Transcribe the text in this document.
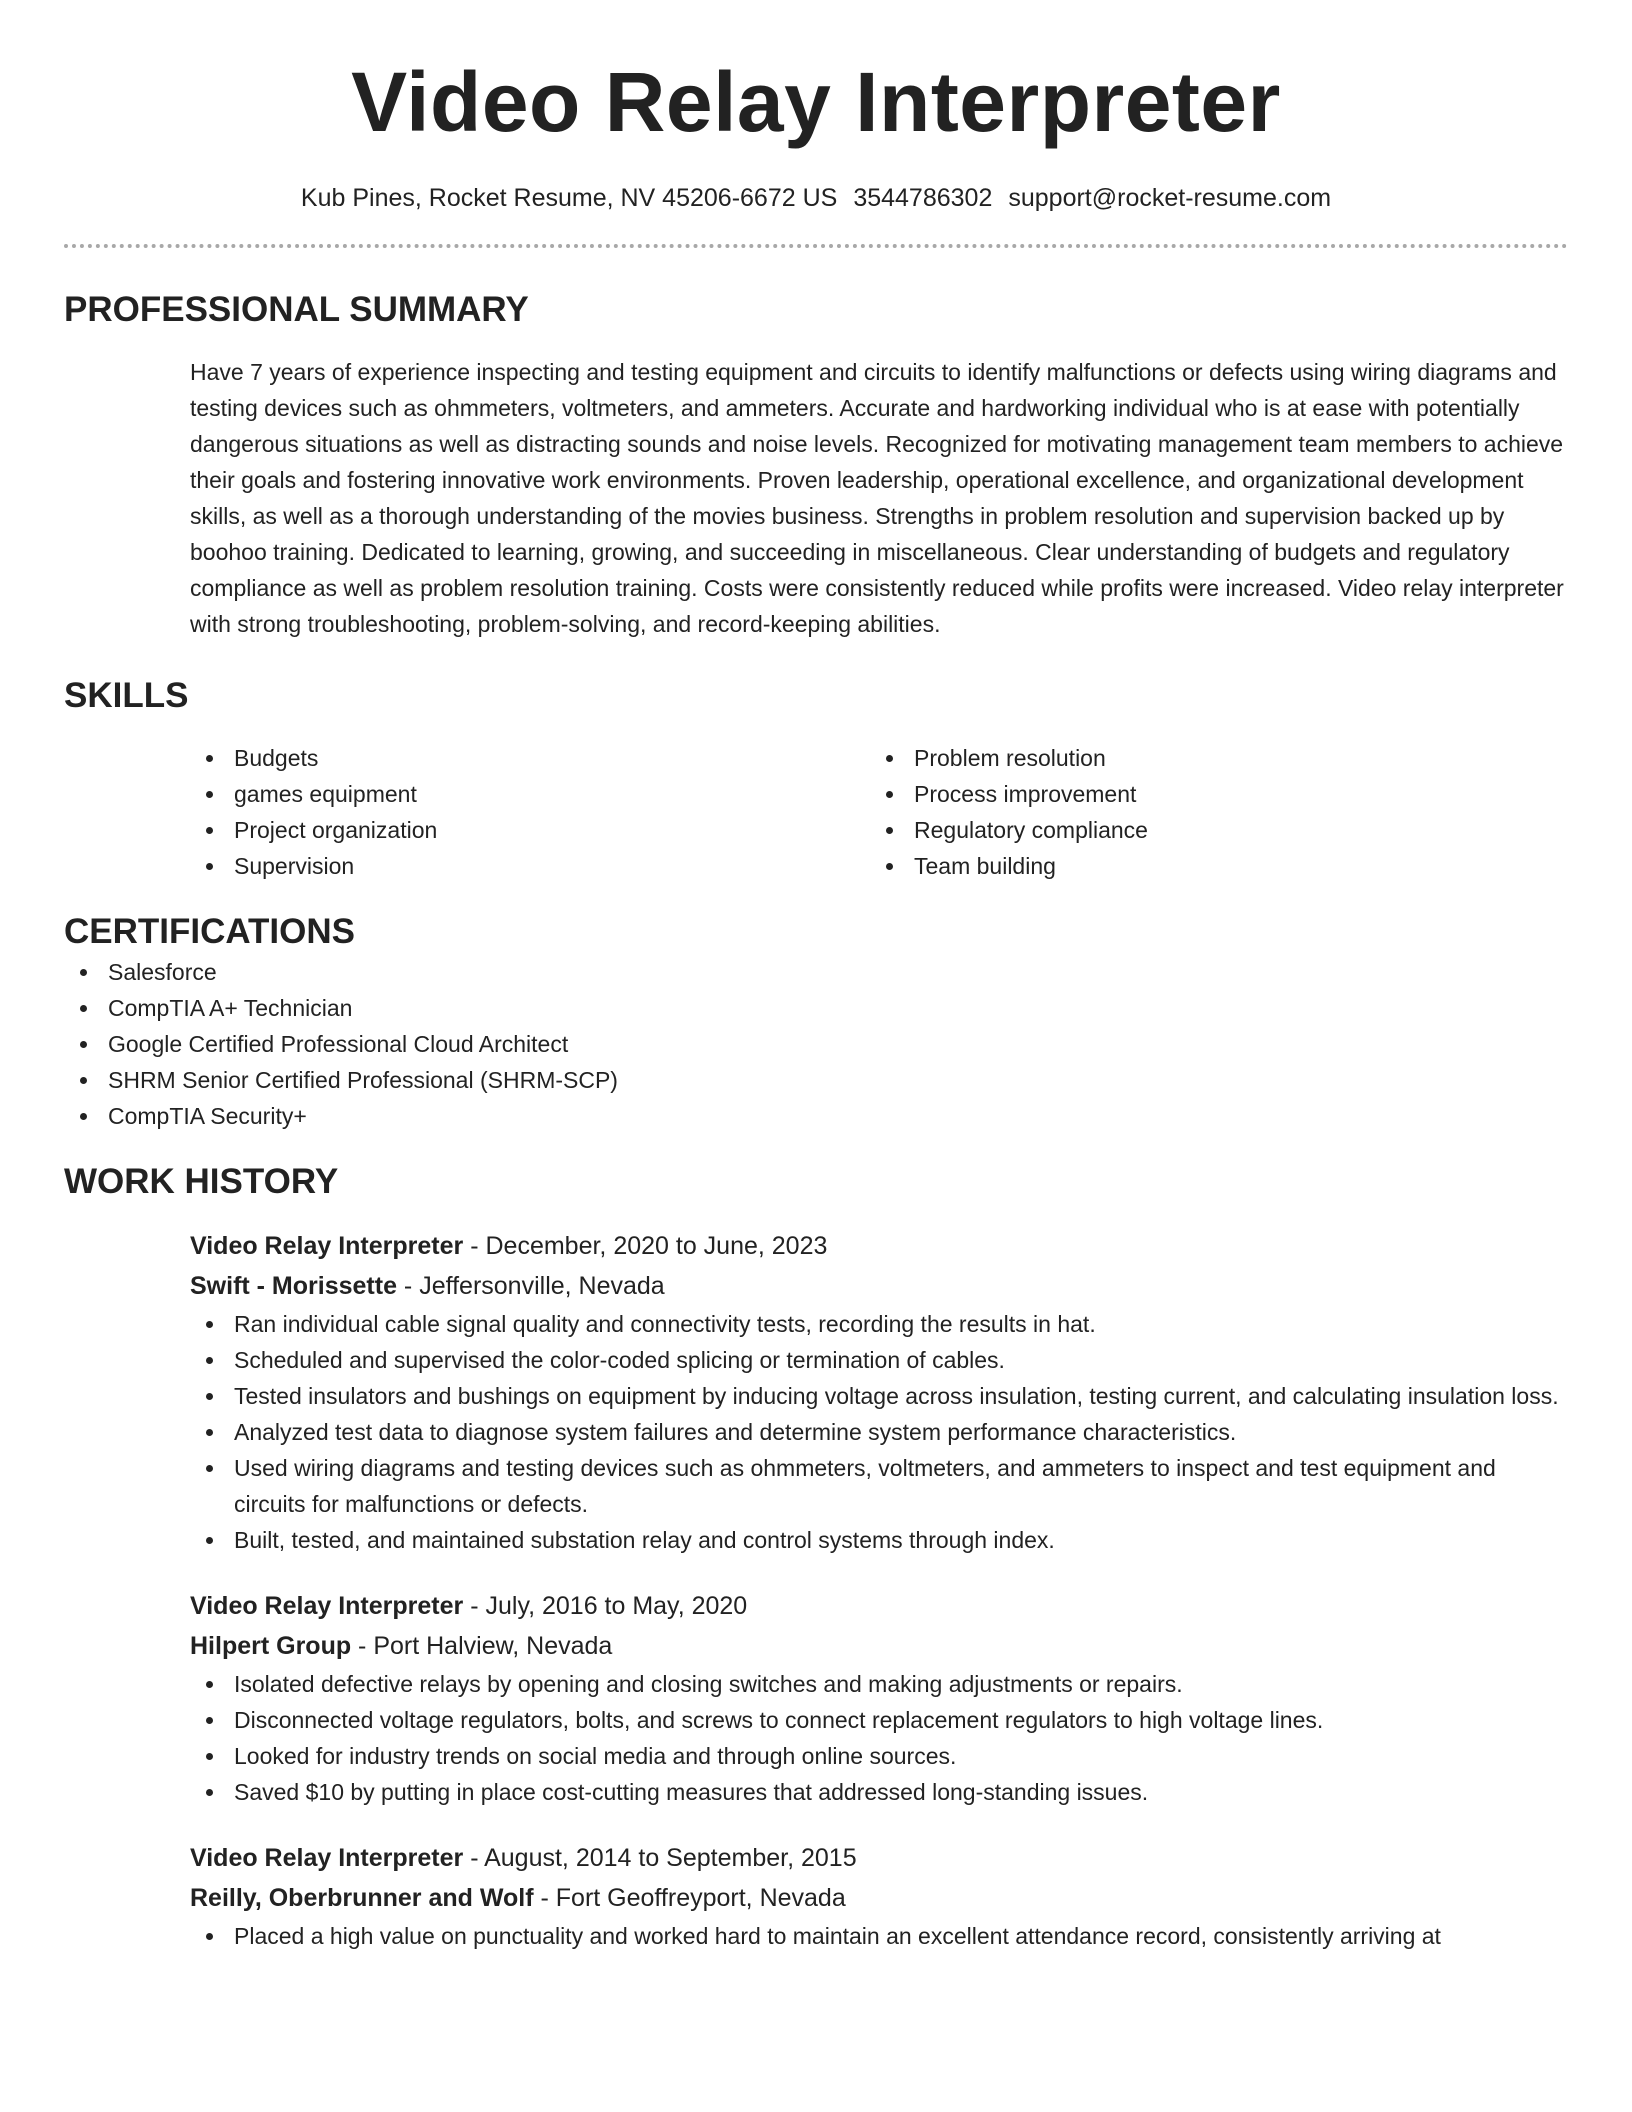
Video Relay Interpreter
Kub Pines, Rocket Resume, NV 45206-6672 US 3544786302 support@rocket-resume.com
PROFESSIONAL SUMMARY

Have 7 years of experience inspecting and testing equipment and circuits to identify malfunctions or defects using wiring diagrams and testing devices such as ohmmeters, voltmeters, and ammeters. Accurate and hardworking individual who is at ease with potentially dangerous situations as well as distracting sounds and noise levels. Recognized for motivating management team members to achieve their goals and fostering innovative work environments. Proven leadership, operational excellence, and organizational development skills, as well as a thorough understanding of the movies business. Strengths in problem resolution and supervision backed up by boohoo training. Dedicated to learning, growing, and succeeding in miscellaneous. Clear understanding of budgets and regulatory compliance as well as problem resolution training. Costs were consistently reduced while profits were increased. Video relay interpreter with strong troubleshooting, problem-solving, and record-keeping abilities.

SKILLS
Budgets
games equipment
Project organization
Supervision
Problem resolution
Process improvement
Regulatory compliance
Team building
CERTIFICATIONS
Salesforce
CompTIA A+ Technician
Google Certified Professional Cloud Architect
SHRM Senior Certified Professional (SHRM-SCP)
CompTIA Security+
WORK HISTORY
Video Relay Interpreter - December, 2020 to June, 2023
Swift - Morissette - Jeffersonville, Nevada
Ran individual cable signal quality and connectivity tests, recording the results in hat.
Scheduled and supervised the color-coded splicing or termination of cables.
Tested insulators and bushings on equipment by inducing voltage across insulation, testing current, and calculating insulation loss.
Analyzed test data to diagnose system failures and determine system performance characteristics.
Used wiring diagrams and testing devices such as ohmmeters, voltmeters, and ammeters to inspect and test equipment and circuits for malfunctions or defects.
Built, tested, and maintained substation relay and control systems through index.
Video Relay Interpreter - July, 2016 to May, 2020
Hilpert Group - Port Halview, Nevada
Isolated defective relays by opening and closing switches and making adjustments or repairs.
Disconnected voltage regulators, bolts, and screws to connect replacement regulators to high voltage lines.
Looked for industry trends on social media and through online sources.
Saved $10 by putting in place cost-cutting measures that addressed long-standing issues.
Video Relay Interpreter - August, 2014 to September, 2015
Reilly, Oberbrunner and Wolf - Fort Geoffreyport, Nevada
Placed a high value on punctuality and worked hard to maintain an excellent attendance record, consistently arriving at
